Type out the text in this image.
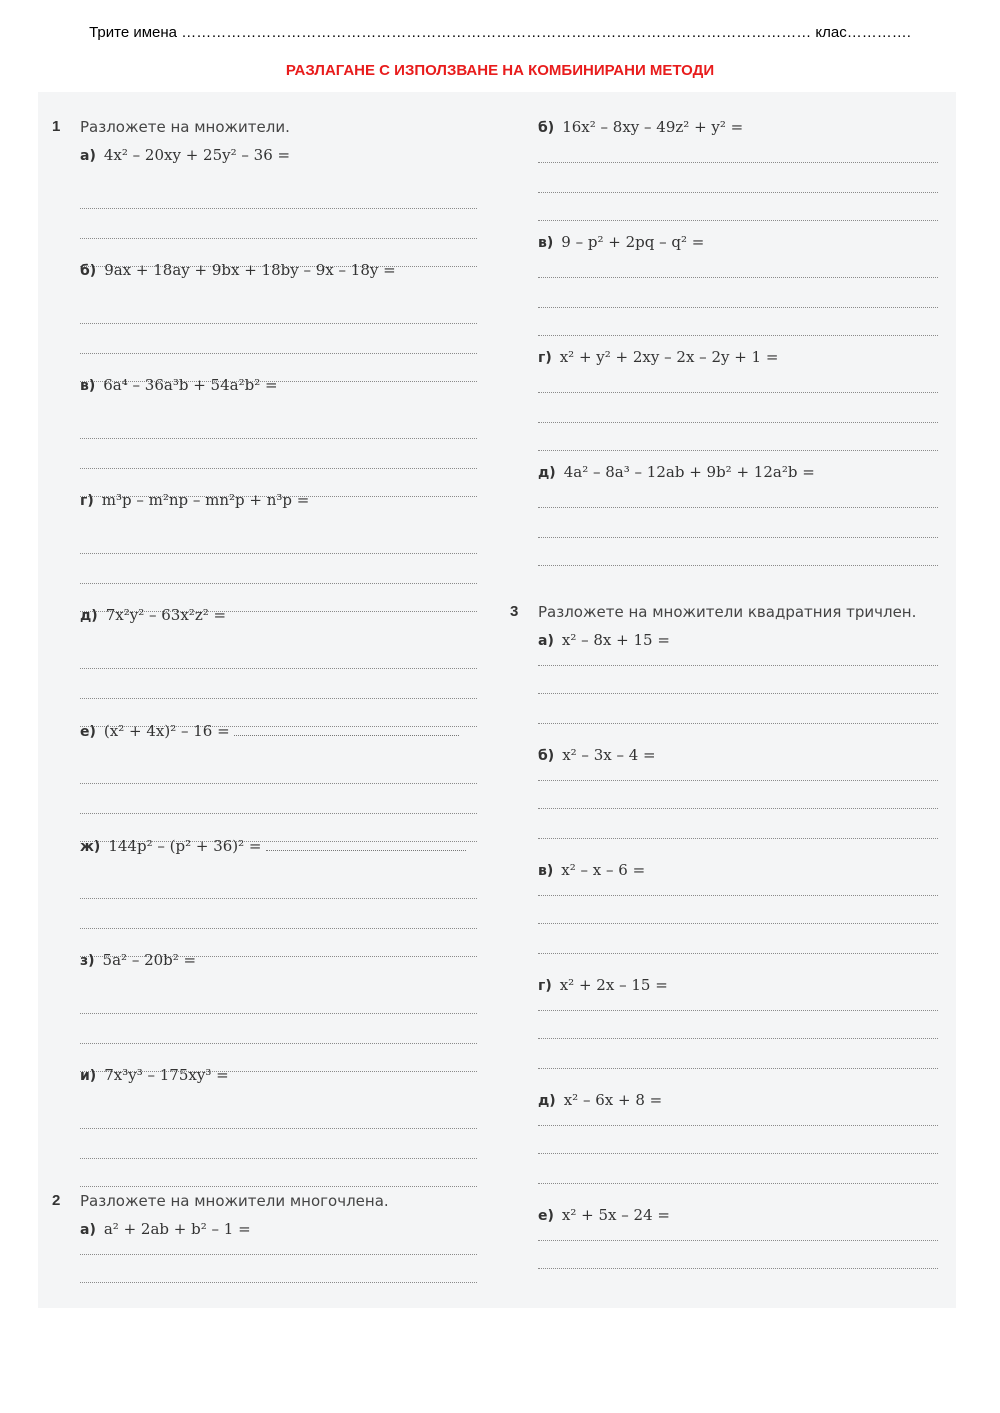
Трите имена ……………………………………………………………………………………………………………… клас………….
РАЗЛАГАНЕ С ИЗПОЛЗВАНЕ НА КОМБИНИРАНИ МЕТОДИ
1 Разложете на множители.
а) 4x² – 20xy + 25y² – 36 =
б) 9ax + 18ay + 9bx + 18by – 9x – 18y =
в) 6a⁴ – 36a³b + 54a²b² =
г) m³p – m²np – mn²p + n³p =
д) 7x²y² – 63x²z² =
е) (x² + 4x)² – 16 =
ж) 144p² – (p² + 36)² =
з) 5a² – 20b² =
и) 7x³y³ – 175xy³ =
2 Разложете на множители многочлена.
а) a² + 2ab + b² – 1 =
б) 16x² – 8xy – 49z² + y² =
в) 9 – p² + 2pq – q² =
г) x² + y² + 2xy – 2x – 2y + 1 =
д) 4a² – 8a³ – 12ab + 9b² + 12a²b =
3 Разложете на множители квадратния тричлен.
а) x² – 8x + 15 =
б) x² – 3x – 4 =
в) x² – x – 6 =
г) x² + 2x – 15 =
д) x² – 6x + 8 =
е) x² + 5x – 24 =
